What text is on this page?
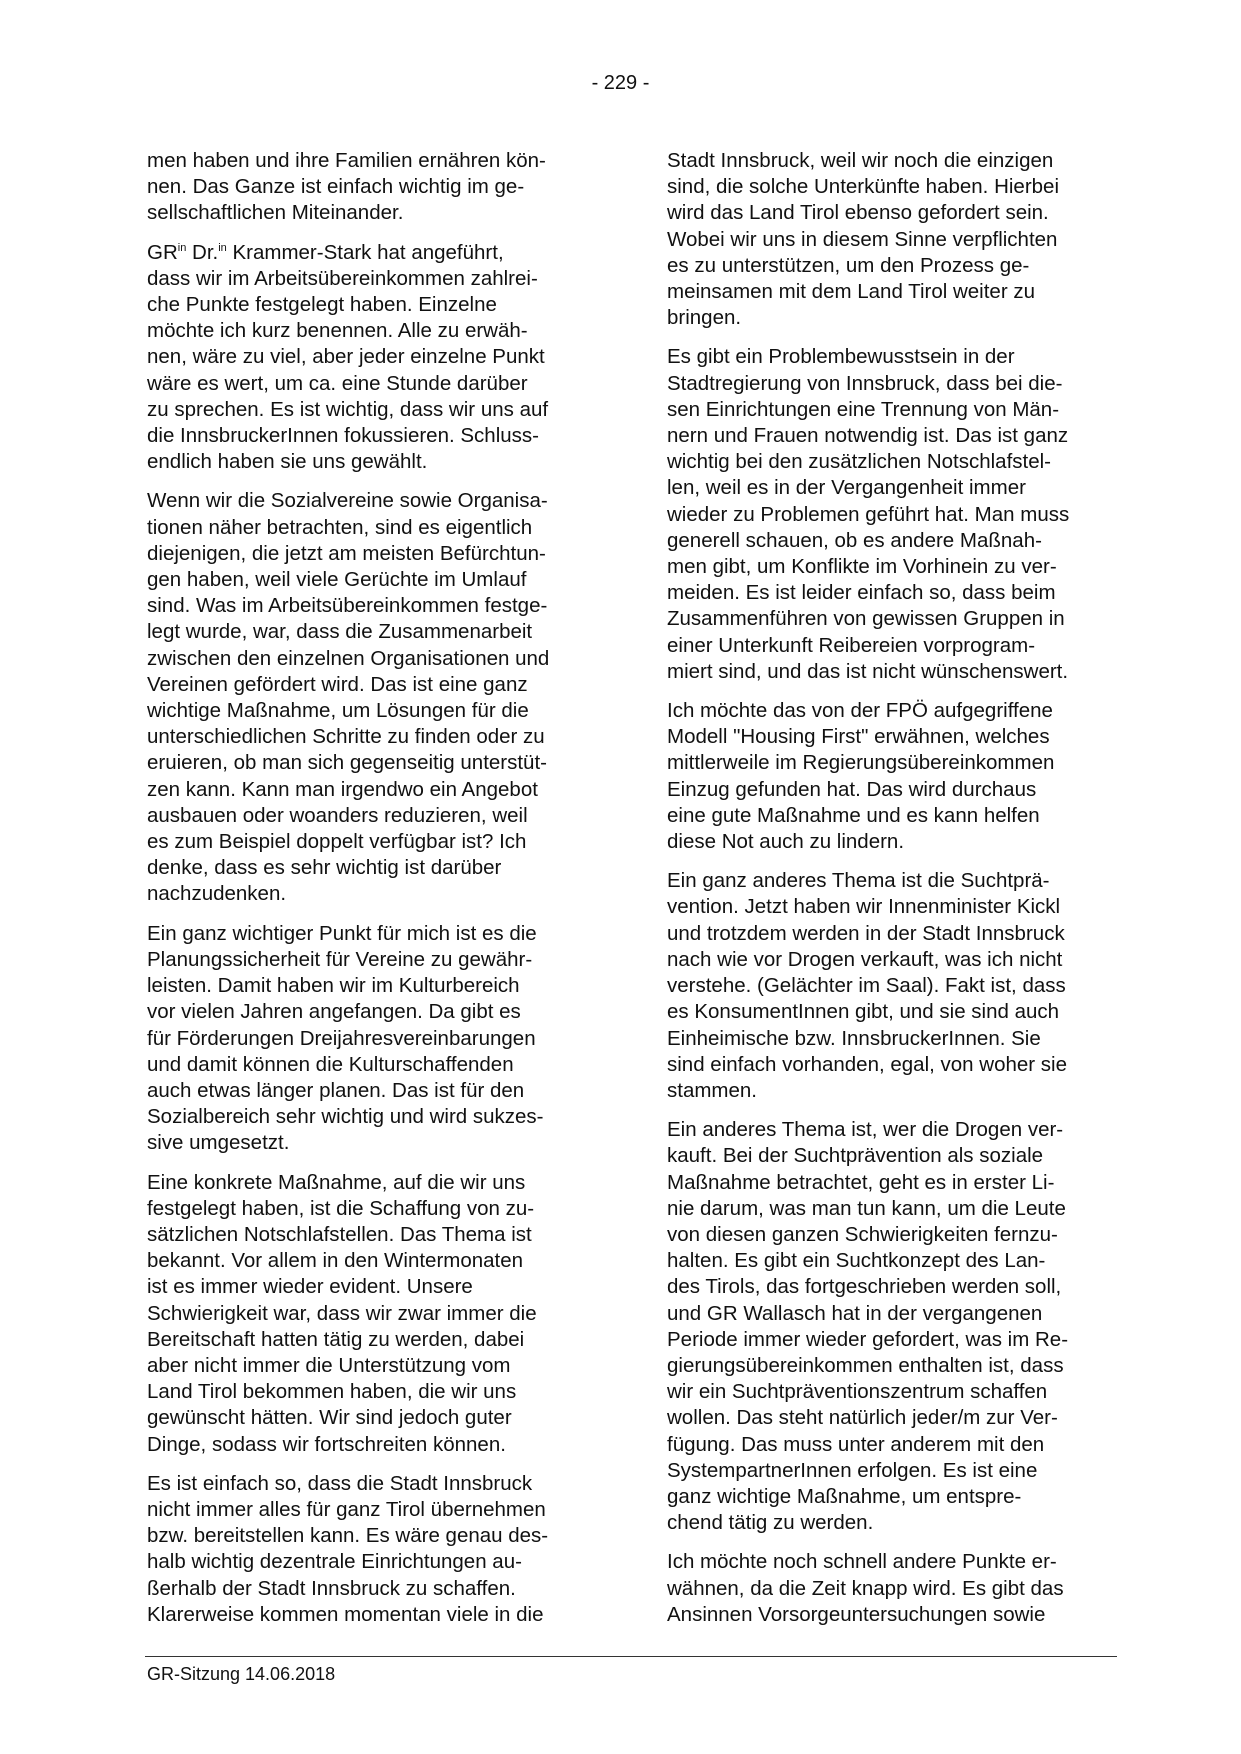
- 229 -

men haben und ihre Familien ernähren kön-
nen. Das Ganze ist einfach wichtig im ge-
sellschaftlichen Miteinander.

$GR^{in}$ Dr.$^{in}$ Krammer-Stark hat angeführt,
dass wir im Arbeitsübereinkommen zahlrei-
che Punkte festgelegt haben. Einzelne
möchte ich kurz benennen. Alle zu erwäh-
nen, wäre zu viel, aber jeder einzelne Punkt
wäre es wert, um ca. eine Stunde darüber
zu sprechen. Es ist wichtig, dass wir uns auf
die InnsbruckerInnen fokussieren. Schluss-
endlich haben sie uns gewählt.

Wenn wir die Sozialvereine sowie Organisa-
tionen näher betrachten, sind es eigentlich
diejenigen, die jetzt am meisten Befürchtun-
gen haben, weil viele Gerüchte im Umlauf
sind. Was im Arbeitsübereinkommen festge-
legt wurde, war, dass die Zusammenarbeit
zwischen den einzelnen Organisationen und
Vereinen gefördert wird. Das ist eine ganz
wichtige Maßnahme, um Lösungen für die
unterschiedlichen Schritte zu finden oder zu
eruieren, ob man sich gegenseitig unterstüt-
zen kann. Kann man irgendwo ein Angebot
ausbauen oder woanders reduzieren, weil
es zum Beispiel doppelt verfügbar ist? Ich
denke, dass es sehr wichtig ist darüber
nachzudenken.

Ein ganz wichtiger Punkt für mich ist es die
Planungssicherheit für Vereine zu gewähr-
leisten. Damit haben wir im Kulturbereich
vor vielen Jahren angefangen. Da gibt es
für Förderungen Dreijahresvereinbarungen
und damit können die Kulturschaffenden
auch etwas länger planen. Das ist für den
Sozialbereich sehr wichtig und wird sukzes-
sive umgesetzt.

Eine konkrete Maßnahme, auf die wir uns
festgelegt haben, ist die Schaffung von zu-
sätzlichen Notschlafstellen. Das Thema ist
bekannt. Vor allem in den Wintermonaten
ist es immer wieder evident. Unsere
Schwierigkeit war, dass wir zwar immer die
Bereitschaft hatten tätig zu werden, dabei
aber nicht immer die Unterstützung vom
Land Tirol bekommen haben, die wir uns
gewünscht hätten. Wir sind jedoch guter
Dinge, sodass wir fortschreiten können.

Es ist einfach so, dass die Stadt Innsbruck
nicht immer alles für ganz Tirol übernehmen
bzw. bereitstellen kann. Es wäre genau des-
halb wichtig dezentrale Einrichtungen au-
ßerhalb der Stadt Innsbruck zu schaffen.
Klarerweise kommen momentan viele in die

Stadt Innsbruck, weil wir noch die einzigen
sind, die solche Unterkünfte haben. Hierbei
wird das Land Tirol ebenso gefordert sein.
Wobei wir uns in diesem Sinne verpflichten
es zu unterstützen, um den Prozess ge-
meinsamen mit dem Land Tirol weiter zu
bringen.

Es gibt ein Problembewusstsein in der
Stadtregierung von Innsbruck, dass bei die-
sen Einrichtungen eine Trennung von Män-
nern und Frauen notwendig ist. Das ist ganz
wichtig bei den zusätzlichen Notschlafstel-
len, weil es in der Vergangenheit immer
wieder zu Problemen geführt hat. Man muss
generell schauen, ob es andere Maßnah-
men gibt, um Konflikte im Vorhinein zu ver-
meiden. Es ist leider einfach so, dass beim
Zusammenführen von gewissen Gruppen in
einer Unterkunft Reibereien vorprogram-
miert sind, und das ist nicht wünschenswert.

Ich möchte das von der FPÖ aufgegriffene
Modell "Housing First" erwähnen, welches
mittlerweile im Regierungsübereinkommen
Einzug gefunden hat. Das wird durchaus
eine gute Maßnahme und es kann helfen
diese Not auch zu lindern.

Ein ganz anderes Thema ist die Suchtprä-
vention. Jetzt haben wir Innenminister Kickl
und trotzdem werden in der Stadt Innsbruck
nach wie vor Drogen verkauft, was ich nicht
verstehe. (Gelächter im Saal). Fakt ist, dass
es KonsumentInnen gibt, und sie sind auch
Einheimische bzw. InnsbruckerInnen. Sie
sind einfach vorhanden, egal, von woher sie
stammen.

Ein anderes Thema ist, wer die Drogen ver-
kauft. Bei der Suchtprävention als soziale
Maßnahme betrachtet, geht es in erster Li-
nie darum, was man tun kann, um die Leute
von diesen ganzen Schwierigkeiten fernzu-
halten. Es gibt ein Suchtkonzept des Lan-
des Tirols, das fortgeschrieben werden soll,
und GR Wallasch hat in der vergangenen
Periode immer wieder gefordert, was im Re-
gierungsübereinkommen enthalten ist, dass
wir ein Suchtpräventionszentrum schaffen
wollen. Das steht natürlich jeder/m zur Ver-
fügung. Das muss unter anderem mit den
SystempartnerInnen erfolgen. Es ist eine
ganz wichtige Maßnahme, um entspre-
chend tätig zu werden.

Ich möchte noch schnell andere Punkte er-
wähnen, da die Zeit knapp wird. Es gibt das
Ansinnen Vorsorgeuntersuchungen sowie

GR-Sitzung 14.06.2018
